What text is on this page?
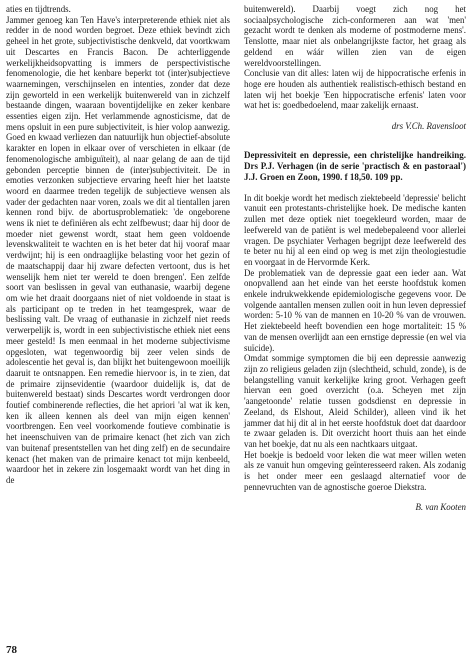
aties en tijdtrends.

Jammer genoeg kan Ten Have's interpreterende ethiek niet als redder in de nood worden begroet. Deze ethiek bevindt zich geheel in het grote, subjectivistische denkveld, dat voortkwam uit Descartes en Francis Bacon. De achterliggende werkelijkheidsopvatting is immers de perspectivistische fenomenologie, die het kenbare beperkt tot (inter)subjectieve waarnemingen, verschijnselen en intenties, zonder dat deze zijn geworteld in een werkelijk buitenwereld van in zichzelf bestaande dingen, waaraan boventijdelijke en zeker kenbare essenties eigen zijn. Het verlammende agnosticisme, dat de mens opsluit in een pure subjectiviteit, is hier volop aanwezig. Goed en kwaad verliezen dan natuurlijk hun objectief-absolute karakter en lopen in elkaar over of verschieten in elkaar (de fenomenologische ambiguïteit), al naar gelang de aan de tijd gebonden perceptie binnen de (inter)subjectiviteit. De in emoties verzonken subjectieve ervaring heeft hier het laatste woord en daarmee treden tegelijk de subjectieve wensen als vader der gedachten naar voren, zoals we dit al tientallen jaren kennen rond bijv. de abortusproblematiek: 'de ongeborene wens ik niet te definiëren als echt zelfbewust; daar hij door de moeder niet gewenst wordt, staat hem geen voldoende levenskwaliteit te wachten en is het beter dat hij vooraf maar verdwijnt; hij is een ondraaglijke belasting voor het gezin of de maatschappij daar hij zware defecten vertoont, dus is het wenselijk hem niet ter wereld te doen brengen'. Een zelfde soort van beslissen in geval van euthanasie, waarbij degene om wie het draait doorgaans niet of niet voldoende in staat is als participant op te treden in het teamgesprek, waar de beslissing valt. De vraag of euthanasie in zichzelf niet reeds verwerpelijk is, wordt in een subjectivistische ethiek niet eens meer gesteld! Is men eenmaal in het moderne subjectivisme opgesloten, wat tegenwoordig bij zeer velen sinds de adolescentie het geval is, dan blijkt het buitengewoon moeilijk daaruit te ontsnappen. Een remedie hiervoor is, in te zien, dat de primaire zijnsevidentie (waardoor duidelijk is, dat de buitenwereld bestaat) sinds Descartes wordt verdrongen door foutief combinerende reflecties, die het apriori 'al wat ik ken, ken ik alleen kennen als deel van mijn eigen kennen' voortbrengen. Een veel voorkomende foutieve combinatie is het ineenschuiven van de primaire kenact (het zich van zich van buitenaf presentstellen van het ding zelf) en de secundaire kenact (het maken van de primaire kenact tot mijn kenbeeld, waardoor het in zekere zin losgemaakt wordt van het ding in de

buitenwereld). Daarbij voegt zich nog het sociaalpsychologische zich-conformeren aan wat 'men' gezacht wordt te denken als moderne of postmoderne mens'. Tenslotte, maar niet als onbelangrijkste factor, het graag als geldend en wáár willen zien van de eigen wereldvoorstellingen.

Conclusie van dit alles: laten wij de hippocratische erfenis in hoge ere houden als authentiek realistisch-ethisch bestand en laten wij het boekje 'Een hippocratische erfenis' laten voor wat het is: goedbedoelend, maar zakelijk ernaast.

drs V.Ch. Ravensloot

Depressiviteit en depressie, een christelijke handreiking. Drs P.J. Verhagen (in de serie 'practisch & en pastoraal') J.J. Groen en Zoon, 1990. f 18,50. 109 pp.

In dit boekje wordt het medisch ziektebeeld 'depressie' belicht vanuit een protestants-christelijke hoek. De medische kanten zullen met deze optiek niet toegekleurd worden, maar de leefwereld van de patiënt is wel medebepaleend voor allerlei vragen. De psychiater Verhagen begrijpt deze leefwereld des te beter nu hij al een eind op weg is met zijn theologiestudie en voorgaat in de Hervormde Kerk.

De problematiek van de depressie gaat een ieder aan. Wat onopvallend aan het einde van het eerste hoofdstuk komen enkele indrukwekkende epidemiologische gegevens voor. De volgende aantallen mensen zullen ooit in hun leven depressief worden: 5-10 % van de mannen en 10-20 % van de vrouwen. Het ziektebeeld heeft bovendien een hoge mortaliteit: 15 % van de mensen overlijdt aan een ernstige depressie (en wel via suïcide).

Omdat sommige symptomen die bij een depressie aanwezig zijn zo religieus geladen zijn (slechtheid, schuld, zonde), is de belangstelling vanuit kerkelijke kring groot. Verhagen geeft hiervan een goed overzicht (o.a. Scheyen met zijn 'aangetoonde' relatie tussen godsdienst en depressie in Zeeland, ds Elshout, Aleid Schilder), alleen vind ik het jammer dat hij dit al in het eerste hoofdstuk doet dat daardoor te zwaar geladen is. Dit overzicht hoort thuis aan het einde van het boekje, dat nu als een nachtkaars uitgaat.

Het boekje is bedoeld voor leken die wat meer willen weten als ze vanuit hun omgeving geïnteresseerd raken. Als zodanig is het onder meer een geslaagd alternatief voor de pennevruchten van de agnostische goeroe Diekstra.

B. van Kooten

78
